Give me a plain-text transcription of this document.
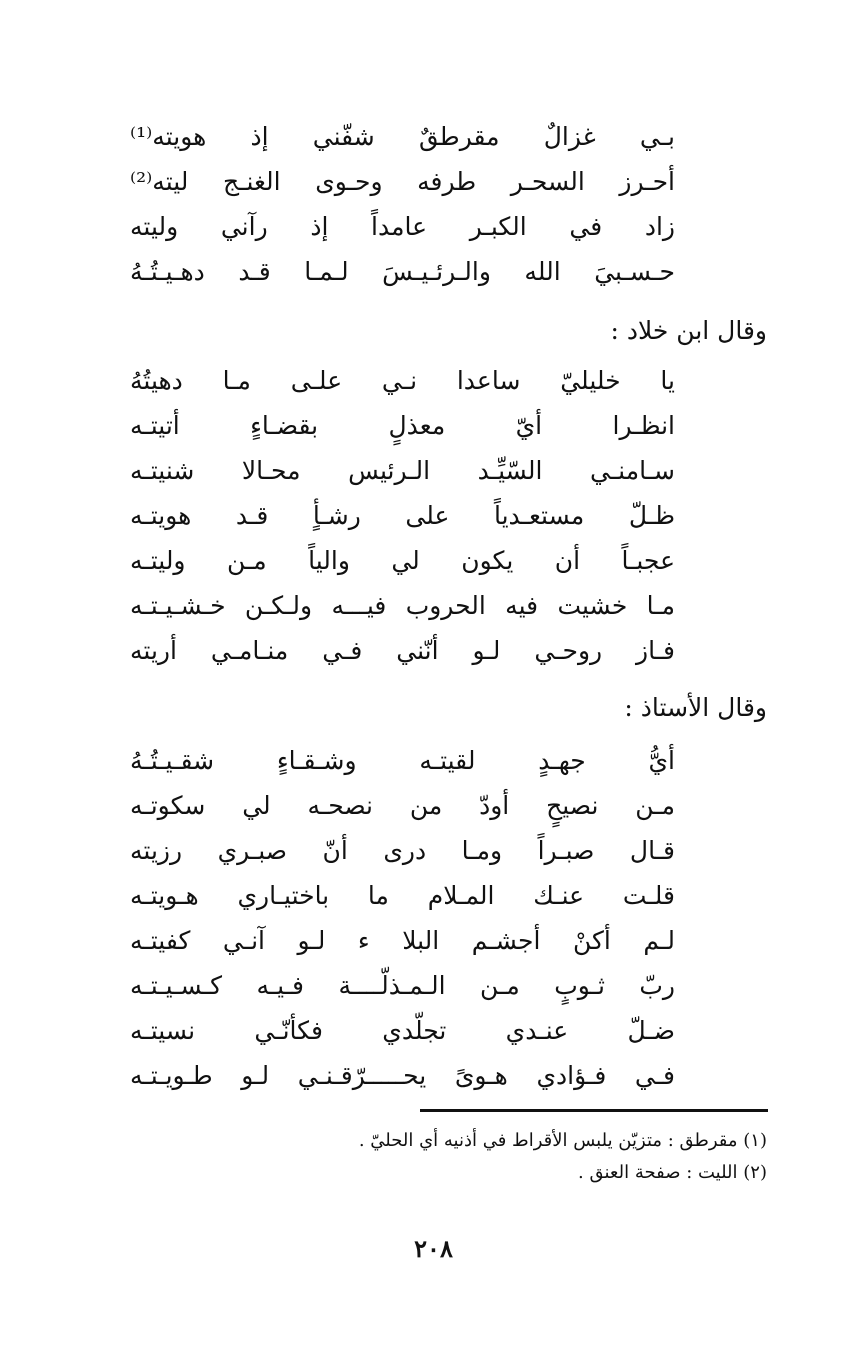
بـي غزالٌ مقرطقٌ شفّني إذ هويته⁽¹⁾
أحـرز السحـر طرفه وحـوى الغنـج ليته⁽²⁾
زاد في الكبـر عامداً إذ رآني وليته
حـسـبيَ الله والـرئـيـسَ لـمـا قـد دهـيـتُـهُ
وقال ابن خلاد :
يا خليليّ ساعدا نـي علـى مـا دهيتُهُ
انظـرا أيّ معذلٍ بقضـاءٍ أتيتـه
سـامنـي السّيِّـد الـرئيس محـالا شنيتـه
ظـلّ مستعـدياً على رشـأٍ قـد هويتـه
عجبـاً أن يكون لي والياً مـن وليتـه
مـا خشيت فيه الحروب فيـــه ولـكـن خـشـيـتـه
فـاز روحـي لـو أنّني فـي منـامـي أريته
وقال الأستاذ :
أيُّ جهـدٍ لقيتـه وشـقـاءٍ شقـيـتُـهُ
مـن نصيحٍ أودّ من نصحـه لي سكوتـه
قـال صبـراً ومـا درى أنّ صبـري رزيته
قلـت عنـك المـلام ما باختيـاري هـويتـه
لـم أكنْ أجشـم البلا ء لـو آنـي كفيتـه
ربّ ثـوبٍ مـن الـمـذلّــــة فـيـه كـسـيـتـه
ضـلّ عنـدي تجلّدي فكأنّـي نسيتـه
فـي فـؤادي هـوىً يحـــــرّقـنـي لـو طـويـتـه
(١) مقرطق : متزيّن يلبس الأقراط في أذنيه أي الحليّ .
(٢) الليت : صفحة العنق .
٢٠٨
